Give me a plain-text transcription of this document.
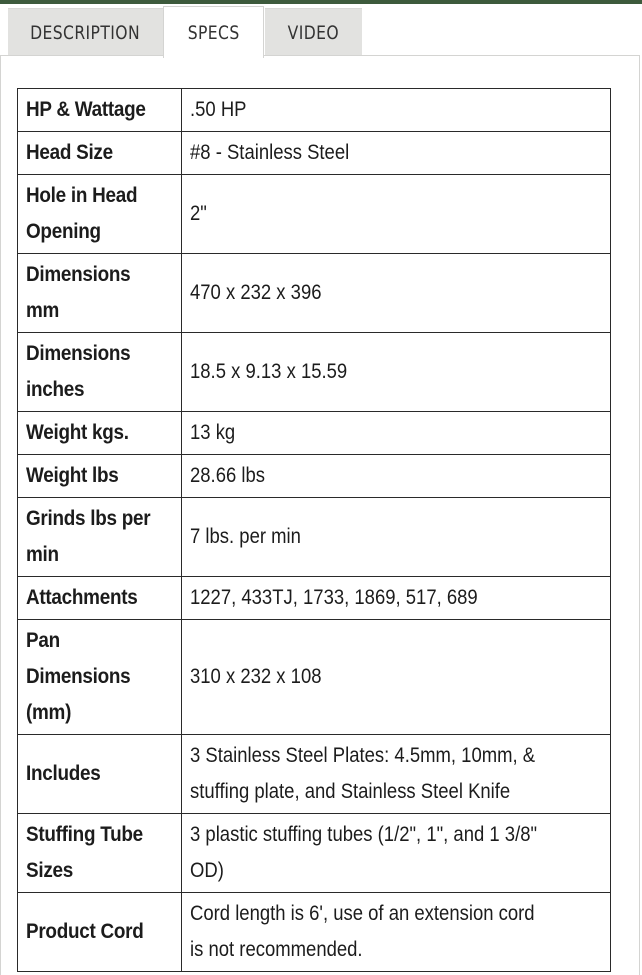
DESCRIPTION SPECS	VIDEO
HP & Wattage	.50 HP
Head Size	#8 - Stainless Steel
Hole in Head Opening	2"
Dimensions mm	470 x 232 x 396
Dimensions inches	18.5 x 9.13 x 15.59
Weight kgs.	13 kg
Weight lbs	28.66 lbs
Grinds lbs per min	7 lbs. per min
Attachments	1227, 433TJ, 1733, 1869, 517, 689
Pan Dimensions (mm)	310 x 232 x 108
Includes	3 Stainless Steel Plates: 4.5mm, 10mm, & stuffing plate, and Stainless Steel Knife
Stuffing Tube Sizes	3 plastic stuffing tubes (1/2", 1", and 1 3/8" OD)
Product Cord	Cord length is 6', use of an extension cord is not recommended.
